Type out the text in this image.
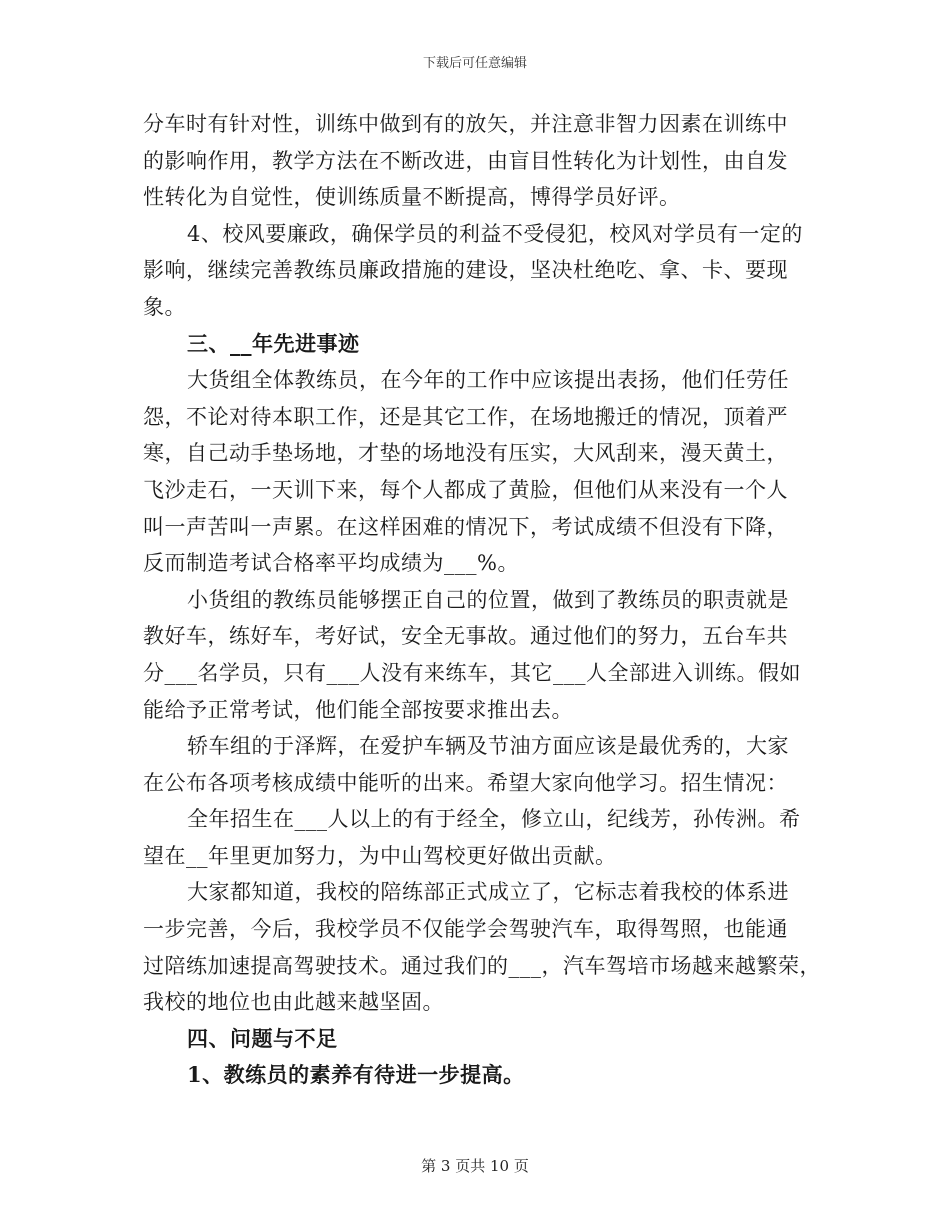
下载后可任意编辑
分车时有针对性，训练中做到有的放矢，并注意非智力因素在训练中
的影响作用，教学方法在不断改进，由盲目性转化为计划性，由自发
性转化为自觉性，使训练质量不断提高，博得学员好评。
4、校风要廉政，确保学员的利益不受侵犯，校风对学员有一定的
影响，继续完善教练员廉政措施的建设，坚决杜绝吃、拿、卡、要现
象。
三、__年先进事迹
大货组全体教练员，在今年的工作中应该提出表扬，他们任劳任
怨，不论对待本职工作，还是其它工作，在场地搬迁的情况，顶着严
寒，自己动手垫场地，才垫的场地没有压实，大风刮来，漫天黄土，
飞沙走石，一天训下来，每个人都成了黄脸，但他们从来没有一个人
叫一声苦叫一声累。在这样困难的情况下，考试成绩不但没有下降，
反而制造考试合格率平均成绩为___%。
小货组的教练员能够摆正自己的位置，做到了教练员的职责就是
教好车，练好车，考好试，安全无事故。通过他们的努力，五台车共
分___名学员，只有___人没有来练车，其它___人全部进入训练。假如
能给予正常考试，他们能全部按要求推出去。
轿车组的于泽辉，在爱护车辆及节油方面应该是最优秀的，大家
在公布各项考核成绩中能听的出来。希望大家向他学习。招生情况：
全年招生在___人以上的有于经全，修立山，纪线芳，孙传洲。希
望在__年里更加努力，为中山驾校更好做出贡献。
大家都知道，我校的陪练部正式成立了，它标志着我校的体系进
一步完善，今后，我校学员不仅能学会驾驶汽车，取得驾照，也能通
过陪练加速提高驾驶技术。通过我们的___，汽车驾培市场越来越繁荣，
我校的地位也由此越来越坚固。
四、问题与不足
1、教练员的素养有待进一步提高。
第 3 页共 10 页
